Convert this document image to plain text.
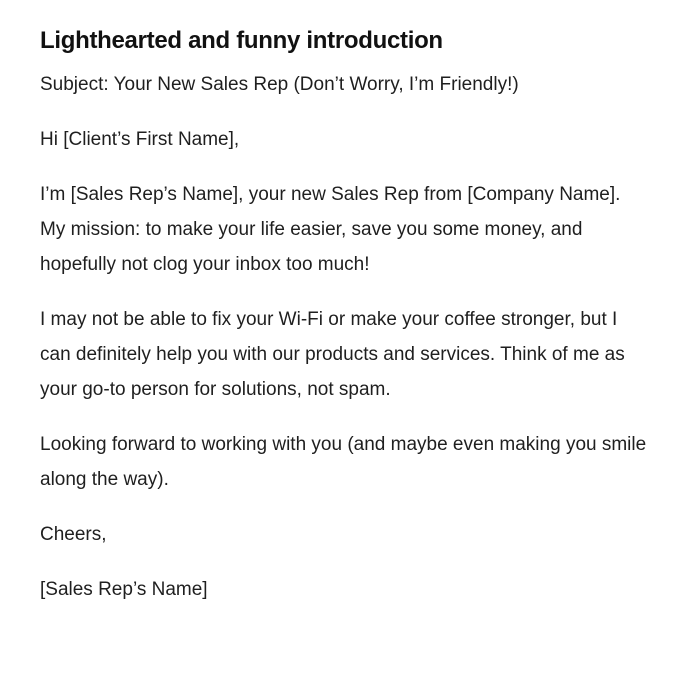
Lighthearted and funny introduction

Subject: Your New Sales Rep (Don’t Worry, I’m Friendly!)

Hi [Client’s First Name],

I’m [Sales Rep’s Name], your new Sales Rep from [Company Name]. My mission: to make your life easier, save you some money, and hopefully not clog your inbox too much!

I may not be able to fix your Wi-Fi or make your coffee stronger, but I can definitely help you with our products and services. Think of me as your go-to person for solutions, not spam.

Looking forward to working with you (and maybe even making you smile along the way).

Cheers,

[Sales Rep’s Name]
